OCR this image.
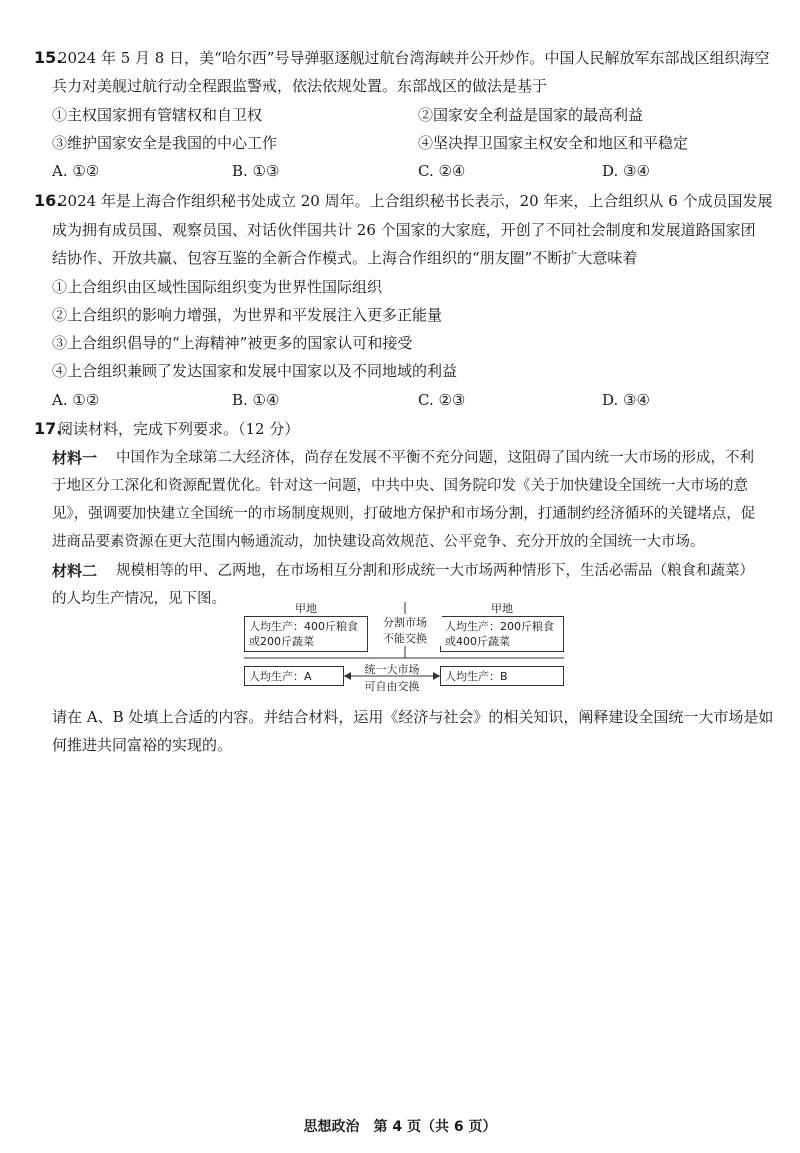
15.
2024 年 5 月 8 日，美“哈尔西”号导弹驱逐舰过航台湾海峡并公开炒作。中国人民解放军东部战区组织海空
兵力对美舰过航行动全程跟监警戒，依法依规处置。东部战区的做法是基于
①主权国家拥有管辖权和自卫权	②国家安全利益是国家的最高利益
③维护国家安全是我国的中心工作	④坚决捍卫国家主权安全和地区和平稳定
A. ①②	B. ①③	C. ②④	D. ③④
16.
2024 年是上海合作组织秘书处成立 20 周年。上合组织秘书长表示，20 年来，上合组织从 6 个成员国发展
成为拥有成员国、观察员国、对话伙伴国共计 26 个国家的大家庭，开创了不同社会制度和发展道路国家团
结协作、开放共赢、包容互鉴的全新合作模式。上海合作组织的“朋友圈”不断扩大意味着
①上合组织由区域性国际组织变为世界性国际组织
②上合组织的影响力增强，为世界和平发展注入更多正能量
③上合组织倡导的“上海精神”被更多的国家认可和接受
④上合组织兼顾了发达国家和发展中国家以及不同地域的利益
A. ①②	B. ①④	C. ②③	D. ③④
17.
阅读材料，完成下列要求。（12 分）
材料一 中国作为全球第二大经济体，尚存在发展不平衡不充分问题，这阻碍了国内统一大市场的形成，不利
于地区分工深化和资源配置优化。针对这一问题，中共中央、国务院印发《关于加快建设全国统一大市场的意
见》，强调要加快建立全国统一的市场制度规则，打破地方保护和市场分割，打通制约经济循环的关键堵点，促
进商品要素资源在更大范围内畅通流动，加快建设高效规范、公平竞争、充分开放的全国统一大市场。
材料二 规模相等的甲、乙两地，在市场相互分割和形成统一大市场两种情形下，生活必需品（粮食和蔬菜）
的人均生产情况，见下图。
甲地	甲地
人均生产：400斤粮食
或200斤蔬菜
人均生产：200斤粮食
或400斤蔬菜
分割市场
不能交换
人均生产：A	人均生产：B
统一大市场
可自由交换
请在 A、B 处填上合适的内容。并结合材料，运用《经济与社会》的相关知识，阐释建设全国统一大市场是如
何推进共同富裕的实现的。
思想政治　第 4 页（共 6 页）
